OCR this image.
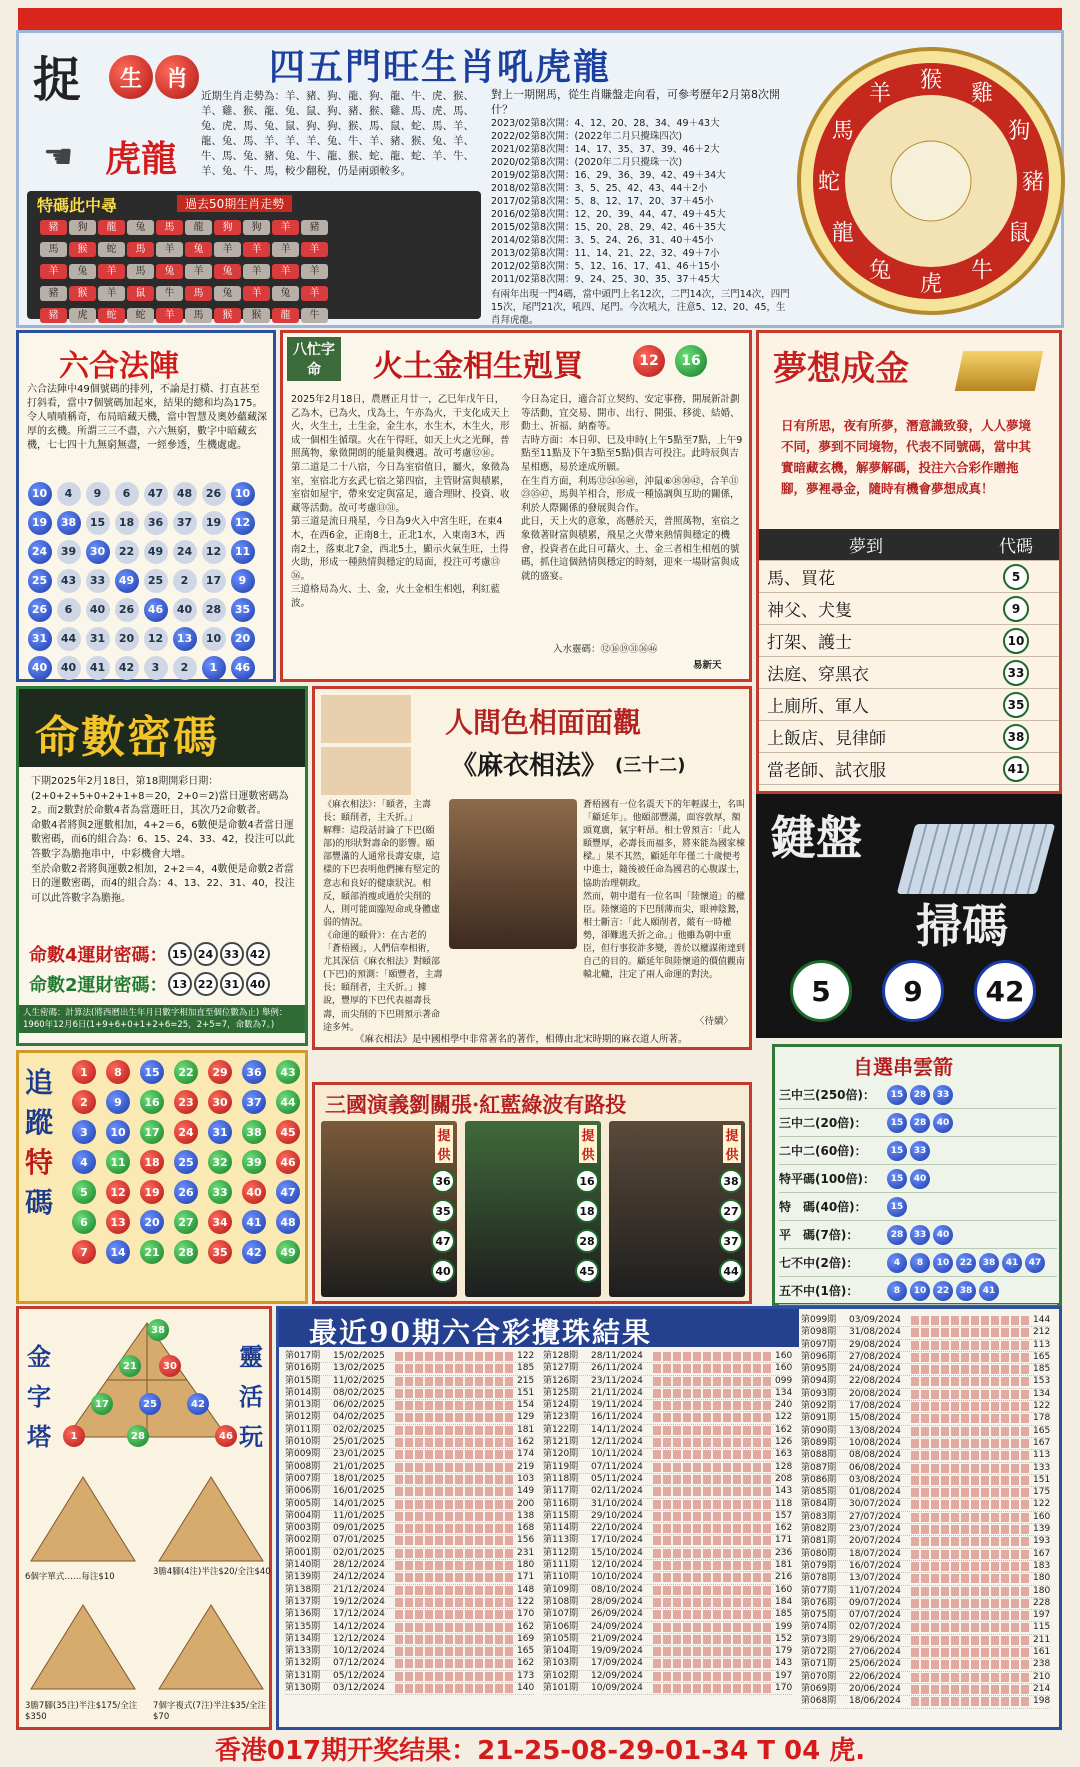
捉	生	肖	四五門旺生肖吼虎龍
☚ 虎龍
近期生肖走勢為：羊、豬、狗、龍、狗、龍、牛、虎、猴、羊、雞、猴、龍、兔、鼠、狗、豬、猴、雞、馬、虎、馬、兔、虎、馬、兔、鼠、狗、狗、猴、馬、鼠、蛇、馬、羊、龍、兔、馬、羊、羊、羊、兔、牛、羊、豬、猴、兔、羊、牛、馬、兔、豬、兔、牛、龍、猴、蛇、龍、蛇、羊、牛、羊、兔、牛、馬，較少翻稅，仍是兩頭較多。
對上一期開馬，從生肖賺盤走向看，可參考歷年2月第8次開什？
2023/02第8次開：4、12、20、28、34、49＋43大
2022/02第8次開：(2022年二月只攪珠四次)
2021/02第8次開：14、17、35、37、39、46＋2大
2020/02第8次開：(2020年二月只攪珠一次)
2019/02第8次開：16、29、36、39、42、49＋34大
2018/02第8次開：3、5、25、42、43、44＋2小
2017/02第8次開：5、8、12、17、20、37＋45小
2016/02第8次開：12、20、39、44、47、49＋45大
2015/02第8次開：15、20、28、29、42、46＋35大
2014/02第8次開：3、5、24、26、31、40＋45小
2013/02第8次開：11、14、21、22、32、49＋7小
2012/02第8次開：5、12、16、17、41、46＋15小
2011/02第8次開：9、24、25、30、35、37＋45大
有兩年出現一門4碼，當中頭門上名12次，二門14次，三門14次，四門15次，尾門21次，吼四、尾門。今次吼大，注意5、12、20、45，生肖拜虎龍。
特碼此中尋	過去50期生肖走勢
豬 狗 龍 兔 馬 龍 狗 狗 羊 豬
馬 猴 蛇 馬 羊 兔 羊 羊 羊 羊
羊 兔 羊 馬 兔 羊 兔 羊 羊 羊
豬 猴 羊 鼠 牛 馬 兔 羊 兔 羊
豬 虎 蛇 蛇 羊 馬 猴 猴 龍 牛
猴
雞
狗
豬
鼠
牛
虎
兔
龍
蛇
馬
羊
六合法陣
六合法陣中49個號碼的排列，不論是打橫、打直甚至打斜看，當中7個號碼加起來，結果的總和均為175。令人嘖嘖稱奇，布局暗藏天機，當中智慧及奧妙蘊藏深厚的玄機。所謂三三不盡，六六無窮，數字中暗藏玄機，七七四十九無窮無盡，一經參透，生機處處。
10	4	9	6	47	48	26	10
19	38	15	18	36	37	19	12
24	39	30	22	49	24	12	11
25	43	33	49	25	2	17	9
26	6	40	26	46	40	28	35
31	44	31	20	12	13	10	20
40	40	41	42	3	2	1	46
八忙字命	火土金相生剋買	12	16
2025年2月18日，農曆正月廿一，乙巳年戊午日，乙為木，已為火，戊為土，午亦為火，干支化成天上火，火生土，土生金，金生水，水生木，木生火，形成一個相生循環。火在午得旺，如天上火之光輝，普照萬物，象徵開朗的能量與機遇。故可考慮⑫⑯。
第二道是二十八宿，今日為室宿值日，屬火，象徵為室，室宿北方玄武七宿之第四宿，主管財富與積累，室宿如屋宇，帶來安定與富足，適合理財、投資、收藏等活動。故可考慮⑬㉛。
第三道是流日飛星，今日為9火入中宮生旺，在東4木，在西6金，正南8土，正北1水，入東南3木，西南2土，落東北7金，西北5土，顯示火氣生旺，土得火助，形成一種熱情與穩定的局面，投注可考慮⑬㊱。
三道格局為火、土、金，火土金相生相剋，利紅藍波。
今日為定日，適合訂立契約、安定事務，開展新計劃等活動，宜交易、開市、出行、開張、移徙、結婚、動土、祈福、納畜等。
吉時方面：本日卯、巳及申時(上午5點至7點，上午9點至11點及下午3點至5點)俱吉可投注。此時辰與吉星相應，易於達成所願。
在生肖方面，利馬⑫㉔㊱㊽，沖鼠⑥⑱㉚㊷，合羊⑪㉓㉟㊼，馬與羊相合，形成一種協調與互助的關係，利於人際關係的發展與合作。
此日，天上火的意象，高懸於天，普照萬物，室宿之象徵著財富與積累，飛星之火帶來熱情與穩定的機會，投資者在此日可藉火、土、金三者相生相剋的號碼，抓住這個熱情與穩定的時刻，迎來一場財富與成就的盛宴。
入水靈碼：⑫⑯⑲㉛㊱㊻
易新天
夢想成金
日有所思，夜有所夢，潛意識致發，人人夢境不同，夢到不同境物，代表不同號碼，當中其實暗藏玄機，解夢解碼，投注六合彩作贈拖腳，夢裡尋金，隨時有機會夢想成真！
夢到	代碼
馬、買花	5
神父、犬隻	9
打架、護士	10
法庭、穿黑衣	33
上廁所、軍人	35
上飯店、見律師	38
當老師、試衣服	41
鍵盤
掃碼
5	9	42
命數密碼
下期2025年2月18日，第18期開彩日期：(2+0+2+5+0+2+1+8＝20，2+0＝2)當日運數密碼為2。而2數對於命數4者為當選旺日，其次乃2命數者。
命數4者將與2運數相加，4+2＝6，6數便是命數4者當日運數密碼，而6的組合為：6、15、24、33、42，投注可以此答數字為膽拖串中，中彩機會大增。
至於命數2者將與運數2相加，2+2＝4，4數便是命數2者當日的運數密碼，而4的組合為：4、13、22、31、40，投注可以此答數字為膽拖。
命數4運財密碼： 15 24 33 42
命數2運財密碼： 13 22 31 40
人生密碼：計算法(將西曆出生年月日數字相加直至個位數為止) 舉例：1960年12月6日(1+9+6+0+1+2+6=25，2+5=7，命數為7。)
人間色相面面觀
《麻衣相法》 (三十二)
《麻衣相法》：「頤者，主壽長；頤削者，主夭折。」
解釋：這段話討論了下巴(頤部)的形狀對壽命的影響。頤部豐滿的人通常長壽安康，這樣的下巴表明他們擁有堅定的意志和良好的健康狀況。相反，頤部消瘦或過於尖削的人，則可能面臨短命或身體虛弱的情況。
《命運的頤骨》：在古老的「蒼梧國」，人們信奉相術，尤其深信《麻衣相法》對頤部(下巴)的預測：「頤豐者，主壽長；頤削者，主夭折。」據說，豐厚的下巴代表福壽長壽，而尖削的下巴則預示著命途多舛。
蒼梧國有一位名震天下的年輕謀士，名叫「顧延年」。他頤部豐滿，面容敦厚，額頭寬廣，氣宇軒昂。相士曾預言：「此人頤豐厚，必壽長而福多，將來能為國家棟樑。」果不其然，顧延年年僅二十歲便考中進士，隨後被任命為國君的心腹謀士，協助治理朝政。
然而，朝中還有一位名叫「陸懷道」的權臣。陸懷道的下巴削薄而尖，眼神陰鷙，相士斷言：「此人頤削者，縱有一時權勢，卻難逃夭折之命。」他雖為朝中重臣，但行事狡詐多變，善於以權謀術達到自己的目的。顧延年與陸懷道的價值觀南轅北轍，注定了兩人命運的對決。
〈待續〉
《麻衣相法》是中國相學中非常著名的著作，相傳由北宋時期的麻衣道人所著。
追
蹤
特
碼
1	8	15	22	29	36	43
2	9	16	23	30	37	44
3	10	17	24	31	38	45
4	11	18	25	32	39	46
5	12	19	26	33	40	47
6	13	20	27	34	41	48
7	14	21	28	35	42	49
三國演義劉關張·紅藍綠波有路投
提供
36
35
47
40
提供
16
18
28
45
提供
38
27
37
44
自選串雲箭
三中三(250倍)：	15	28	33
三中二(20倍)：	15	28	40
二中二(60倍)：	15	33
特平碼(100倍)：	15	40
特　碼(40倍)：	15
平　碼(7倍)：	28	33	40
七不中(2倍)：	4	8	10	22	38	41	47
五不中(1倍)：	8	10	22	38	41
金
字
塔
靈
活
玩
38
21	30
25
17	42
1	28	46
6個字單式……每注$10	3膽4腳(4注)半注$20/全注$40
3膽7腳(35注)半注$175/全注$350
7個字複式(7注)半注$35/全注$70
最近90期六合彩攪珠結果
第017期	15/02/2025	122
第016期	13/02/2025	185
第015期	11/02/2025	215
第014期	08/02/2025	151
第013期	06/02/2025	154
第012期	04/02/2025	129
第011期	02/02/2025	181
第010期	25/01/2025	162
第009期	23/01/2025	174
第008期	21/01/2025	219
第007期	18/01/2025	103
第006期	16/01/2025	149
第005期	14/01/2025	200
第004期	11/01/2025	138
第003期	09/01/2025	168
第002期	07/01/2025	156
第001期	02/01/2025	231
第140期	28/12/2024	180
第139期	24/12/2024	171
第138期	21/12/2024	148
第137期	19/12/2024	122
第136期	17/12/2024	170
第135期	14/12/2024	162
第134期	12/12/2024	169
第133期	10/12/2024	165
第132期	07/12/2024	162
第131期	05/12/2024	173
第130期	03/12/2024	140
第128期	28/11/2024	160
第127期	26/11/2024	160
第126期	23/11/2024	099
第125期	21/11/2024	134
第124期	19/11/2024	240
第123期	16/11/2024	122
第122期	14/11/2024	162
第121期	12/11/2024	126
第120期	10/11/2024	163
第119期	07/11/2024	128
第118期	05/11/2024	208
第117期	02/11/2024	143
第116期	31/10/2024	118
第115期	29/10/2024	157
第114期	22/10/2024	162
第113期	17/10/2024	171
第112期	15/10/2024	236
第111期	12/10/2024	181
第110期	10/10/2024	216
第109期	08/10/2024	160
第108期	28/09/2024	184
第107期	26/09/2024	185
第106期	24/09/2024	199
第105期	21/09/2024	152
第104期	19/09/2024	179
第103期	17/09/2024	143
第102期	12/09/2024	197
第101期	10/09/2024	170
第099期	03/09/2024	144
第098期	31/08/2024	212
第097期	29/08/2024	113
第096期	27/08/2024	165
第095期	24/08/2024	185
第094期	22/08/2024	153
第093期	20/08/2024	134
第092期	17/08/2024	122
第091期	15/08/2024	178
第090期	13/08/2024	165
第089期	10/08/2024	167
第088期	08/08/2024	113
第087期	06/08/2024	133
第086期	03/08/2024	151
第085期	01/08/2024	175
第084期	30/07/2024	122
第083期	27/07/2024	160
第082期	23/07/2024	139
第081期	20/07/2024	193
第080期	18/07/2024	167
第079期	16/07/2024	183
第078期	13/07/2024	180
第077期	11/07/2024	180
第076期	09/07/2024	228
第075期	07/07/2024	197
第074期	02/07/2024	115
第073期	29/06/2024	211
第072期	27/06/2024	161
第071期	25/06/2024	238
第070期	22/06/2024	210
第069期	20/06/2024	214
第068期	18/06/2024	198
香港017期开奖结果：21-25-08-29-01-34 T 04 虎.
